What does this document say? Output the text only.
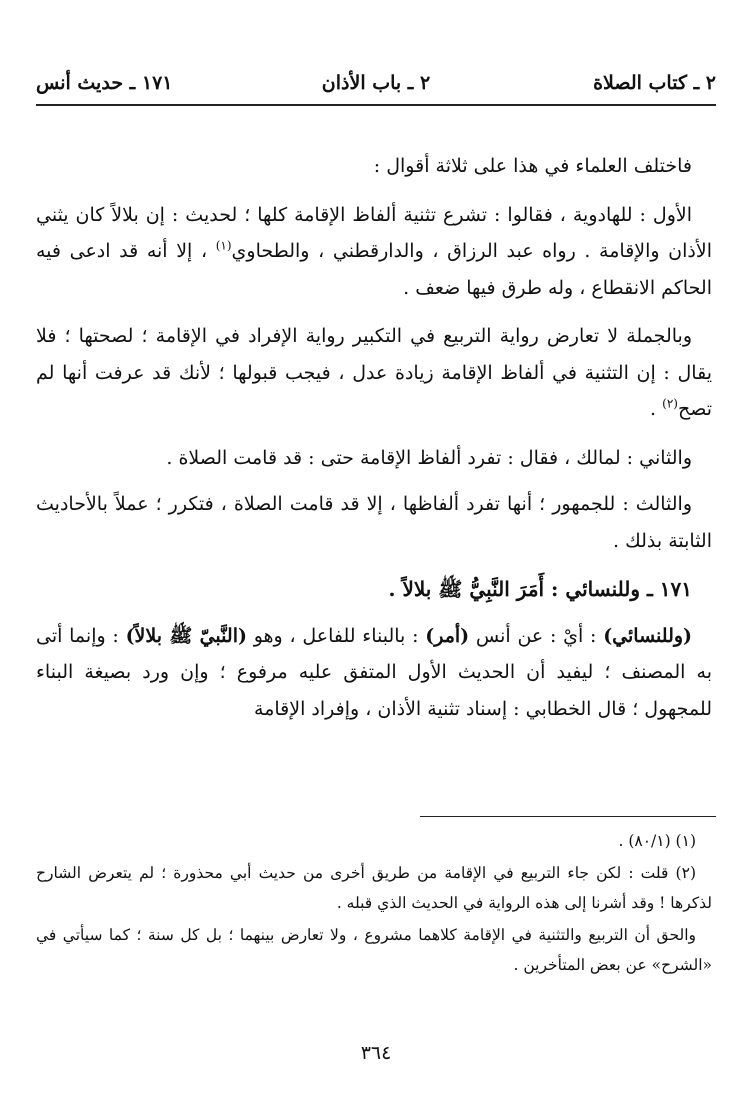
٢ ـ كتاب الصلاة
٢ ـ باب الأذان
١٧١ ـ حديث أنس

فاختلف العلماء في هذا على ثلاثة أقوال :

الأول : للهادوية ، فقالوا : تشرع تثنية ألفاظ الإقامة كلها ؛ لحديث : إن بلالاً كان يثني الأذان والإقامة . رواه عبد الرزاق ، والدارقطني ، والطحاوي$^{(١)}$ ، إلا أنه قد ادعى فيه الحاكم الانقطاع ، وله طرق فيها ضعف .

وبالجملة لا تعارض رواية التربيع في التكبير رواية الإفراد في الإقامة ؛ لصحتها ؛ فلا يقال : إن التثنية في ألفاظ الإقامة زيادة عدل ، فيجب قبولها ؛ لأنك قد عرفت أنها لم تصح$^{(٢)}$ .

والثاني : لمالك ، فقال : تفرد ألفاظ الإقامة حتى : قد قامت الصلاة .

والثالث : للجمهور ؛ أنها تفرد ألفاظها ، إلا قد قامت الصلاة ، فتكرر ؛ عملاً بالأحاديث الثابتة بذلك .

١٧١ ـ وللنسائي : أَمَرَ النَّبِيُّ ﷺ بلالاً .

(وللنسائي) : أيْ : عن أنس (أمر) : بالبناء للفاعل ، وهو (النَّبيّ ﷺ بلالاً) : وإنما أتى به المصنف ؛ ليفيد أن الحديث الأول المتفق عليه مرفوع ؛ وإن ورد بصيغة البناء للمجهول ؛ قال الخطابي : إسناد تثنية الأذان ، وإفراد الإقامة

(١) (٨٠/١) .

(٢) قلت : لكن جاء التربيع في الإقامة من طريق أخرى من حديث أبي محذورة ؛ لم يتعرض الشارح لذكرها ! وقد أشرنا إلى هذه الرواية في الحديث الذي قبله .

والحق أن التربيع والتثنية في الإقامة كلاهما مشروع ، ولا تعارض بينهما ؛ بل كل سنة ؛ كما سيأتي في «الشرح» عن بعض المتأخرين .

٣٦٤
